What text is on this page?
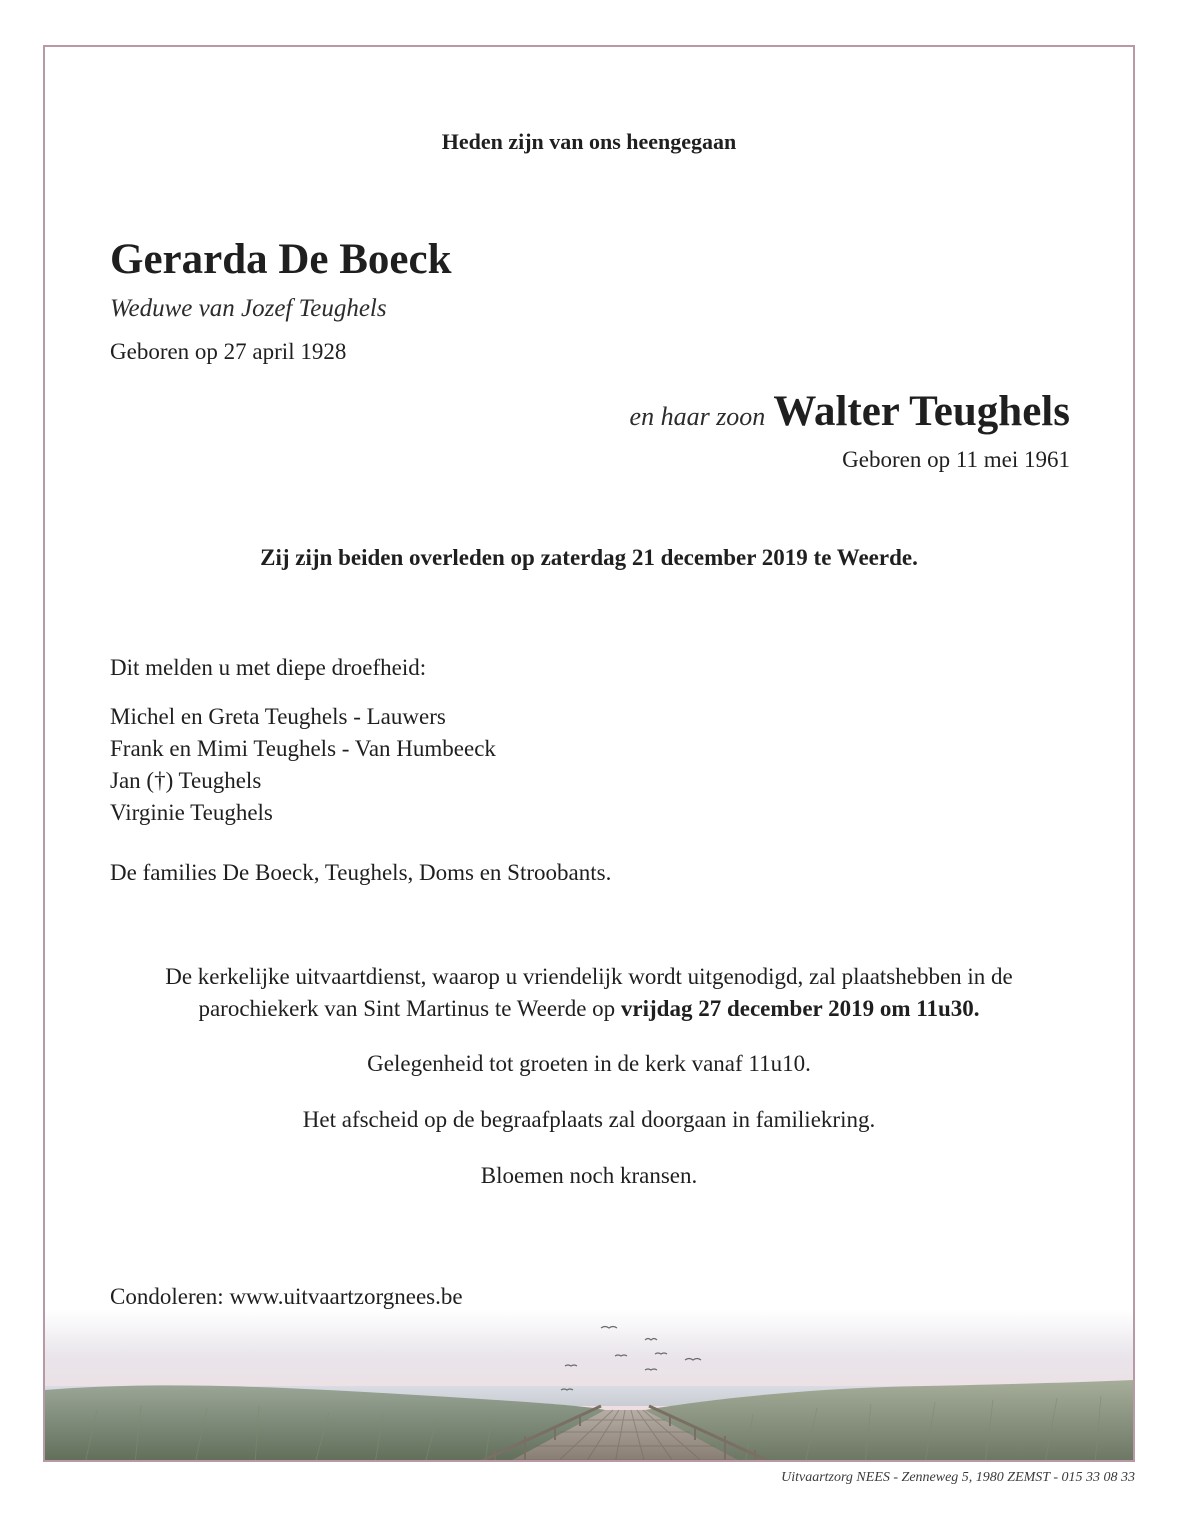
Heden zijn van ons heengegaan
Gerarda De Boeck
Weduwe van Jozef Teughels
Geboren op 27 april 1928
en haar zoon Walter Teughels
Geboren op 11 mei 1961
Zij zijn beiden overleden op zaterdag 21 december 2019 te Weerde.
Dit melden u met diepe droefheid:
Michel en Greta Teughels - Lauwers
Frank en Mimi Teughels - Van Humbeeck
Jan (†) Teughels
Virginie Teughels
De families De Boeck, Teughels, Doms en Stroobants.
De kerkelijke uitvaartdienst, waarop u vriendelijk wordt uitgenodigd, zal plaatshebben in de
parochiekerk van Sint Martinus te Weerde op vrijdag 27 december 2019 om 11u30.
Gelegenheid tot groeten in de kerk vanaf 11u10.
Het afscheid op de begraafplaats zal doorgaan in familiekring.
Bloemen noch kransen.
Condoleren: www.uitvaartzorgnees.be
Uitvaartzorg NEES - Zenneweg 5, 1980 ZEMST - 015 33 08 33
